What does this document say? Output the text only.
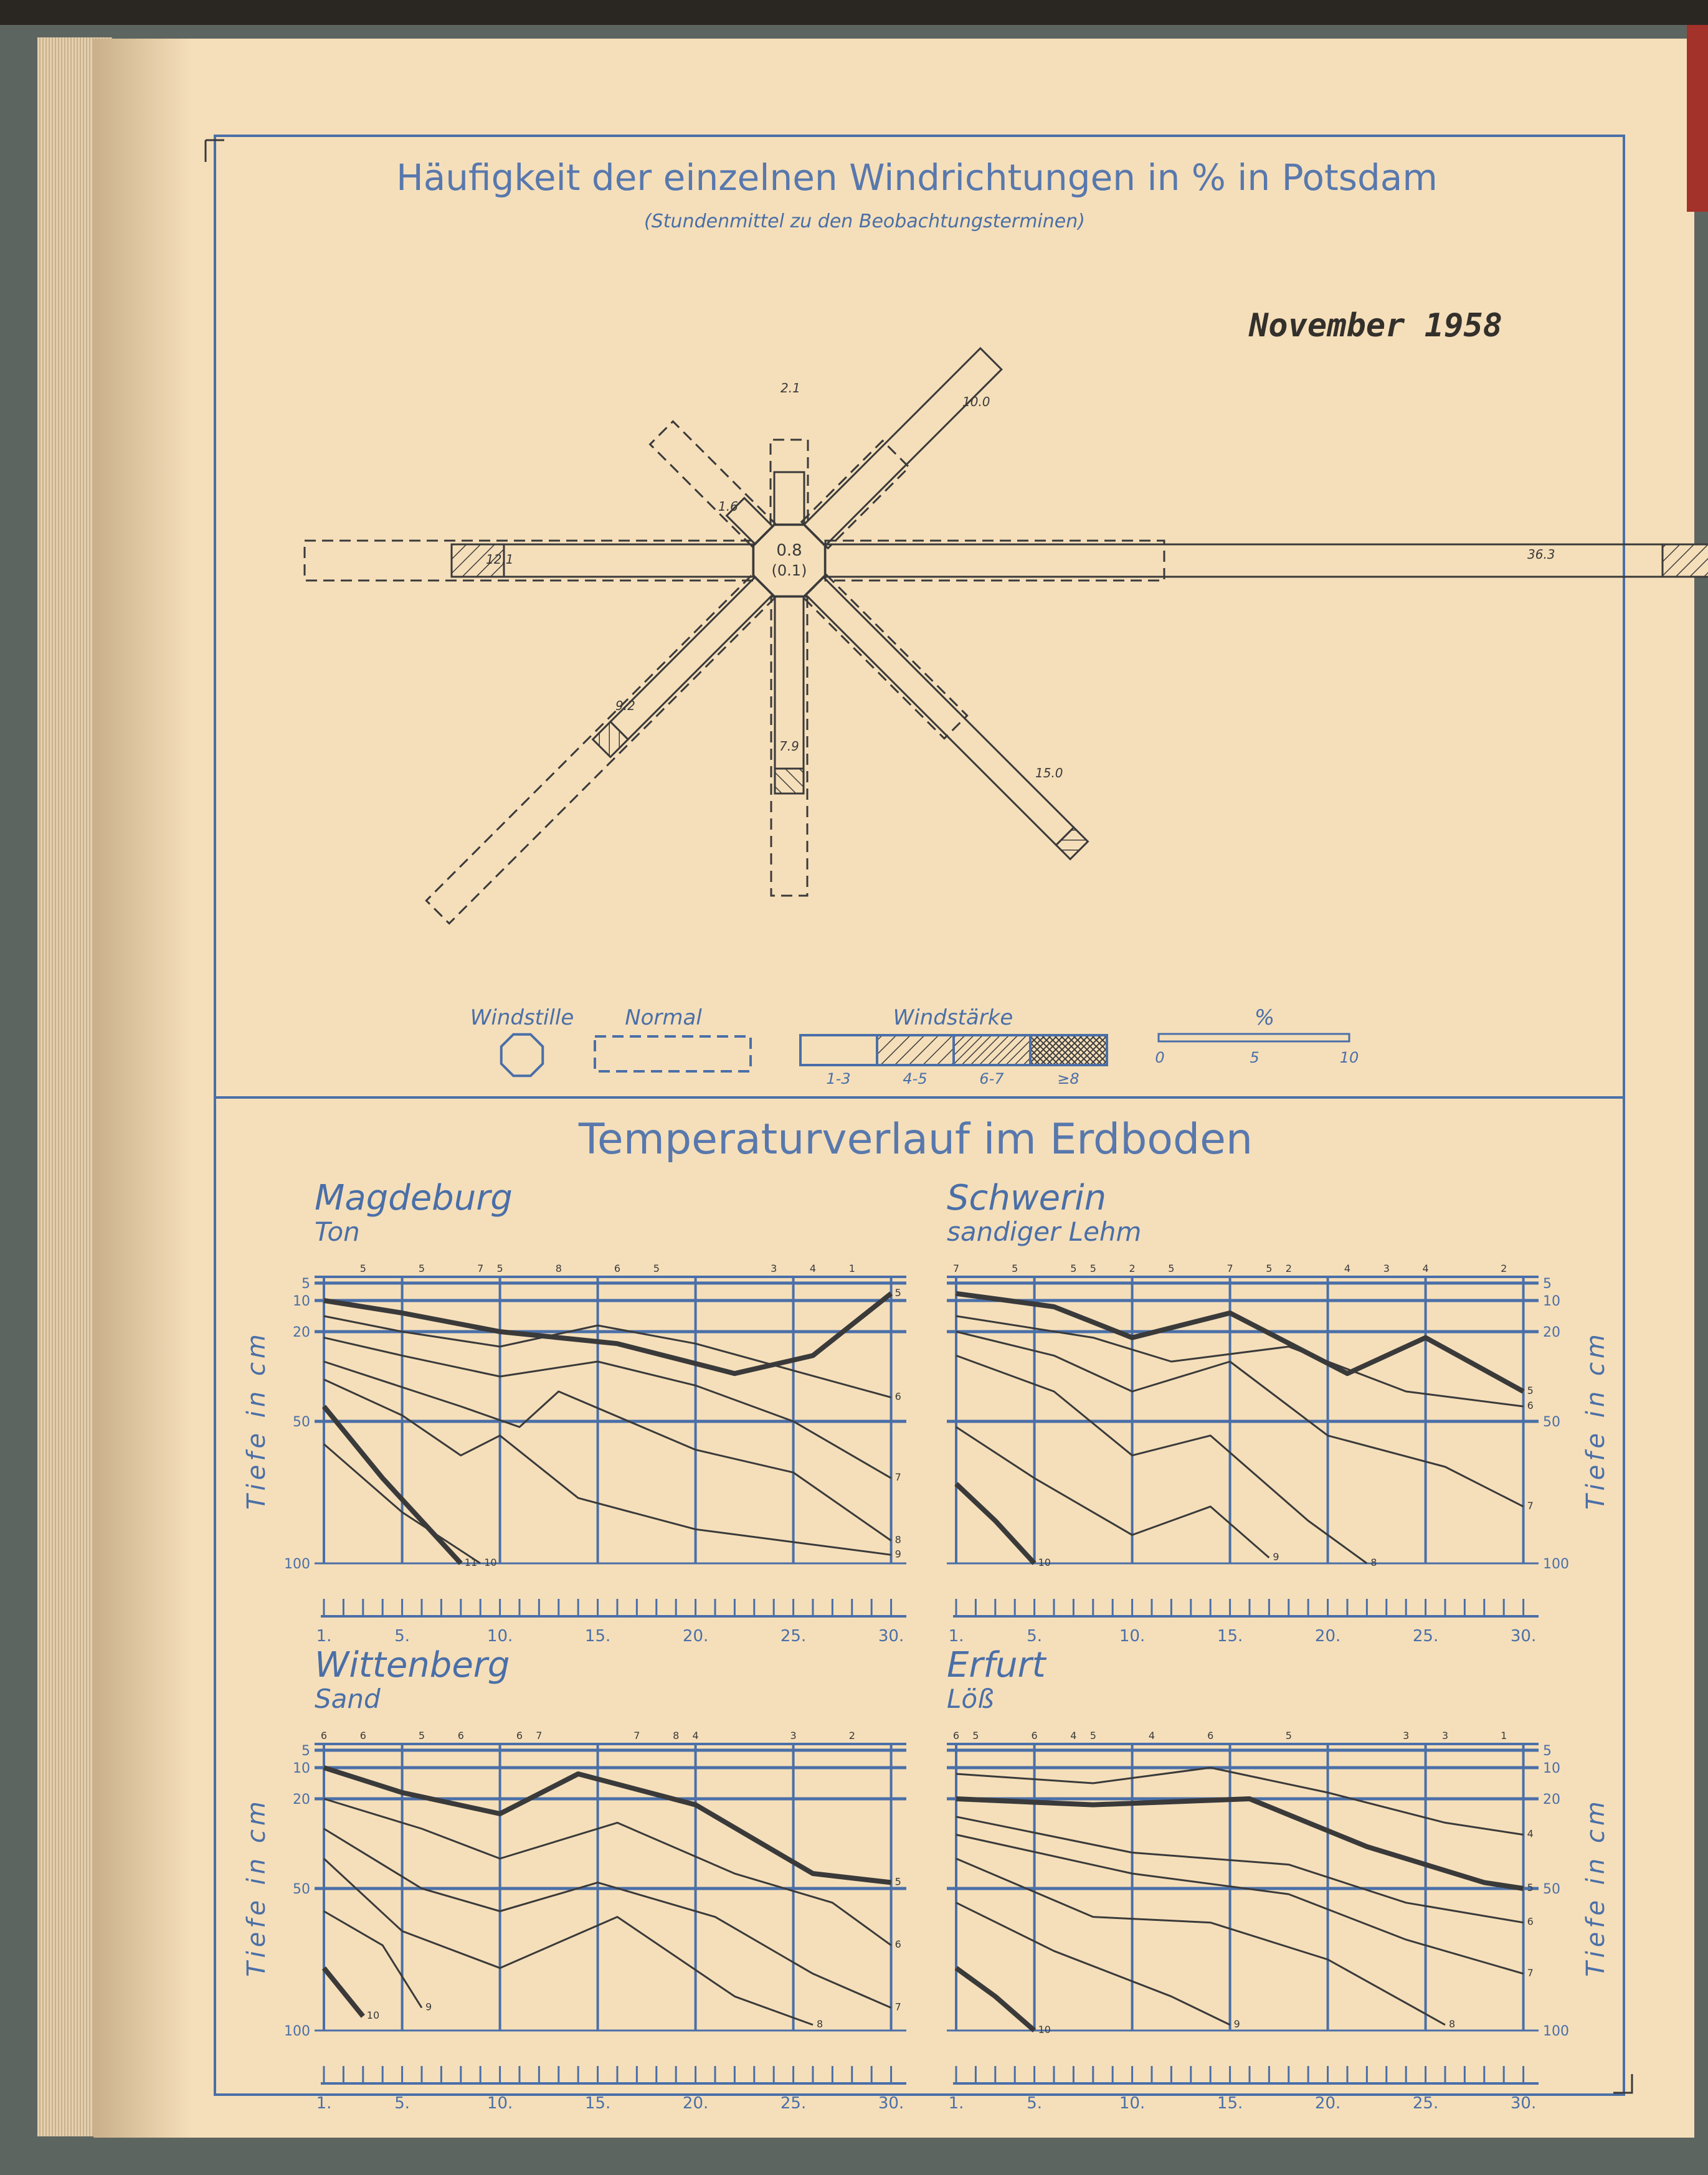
Häufigkeit der einzelnen Windrichtungen in % in Potsdam
(Stundenmittel zu den Beobachtungsterminen)
November 1958
2.1
10.0
36.3
15.0
7.9
9.2
12.1
1.6
0.8
(0.1)
Windstille Normal	Windstärke	%
1-3	4-5	6-7	≥8
0	5	10
Temperaturverlauf im Erdboden
Magdeburg
Ton
5
10
20
50
100	11 10
9
8
7
6
5
5	5	7 5	8	6	5	3	4	1
1.	5.	10.	15.	20.	25.	30.
Tiefe in cm
Schwerin
sandiger Lehm
5
10
20
50
100
10	9	8
7
6
5
7	5	5 5	2	5	7	5 2	4	3	4	2
1.	5.	10.	15.	20.	25.	30.
Tiefe in cm
Wittenberg
Sand
5
10
20
50
100
10
9
8
7
6
5
6	6	5	6	6 7	7	8 4	3	2
1.	5.	10.	15.	20.	25.	30.
Tiefe in cm
Erfurt
Löß
5
10
20
50
100
10	9	8
7
6
5
4
6 5	6	4 5	4	6	5	3	3	1
1.	5.	10.	15.	20.	25.	30.
Tiefe in cm
